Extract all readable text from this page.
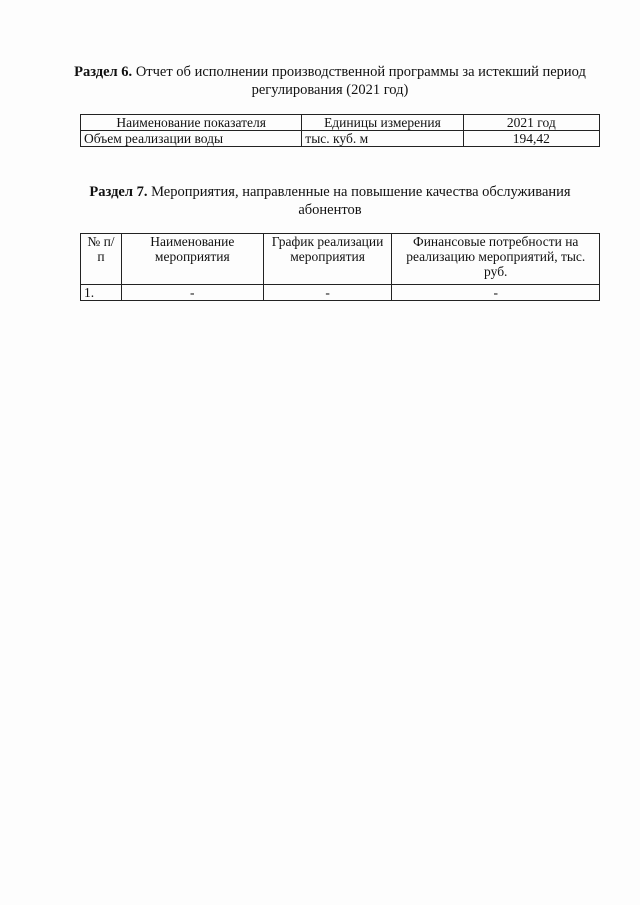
Раздел 6. Отчет об исполнении производственной программы за истекший период регулирования (2021 год)
Наименование показателя	Единицы измерения	2021 год
Объем реализации воды	тыс. куб. м	194,42
Раздел 7. Мероприятия, направленные на повышение качества обслуживания абонентов
№ п/п	Наименование мероприятия	График реализации мероприятия	Финансовые потребности на реализацию мероприятий, тыс. руб.
1.	-	-	-
